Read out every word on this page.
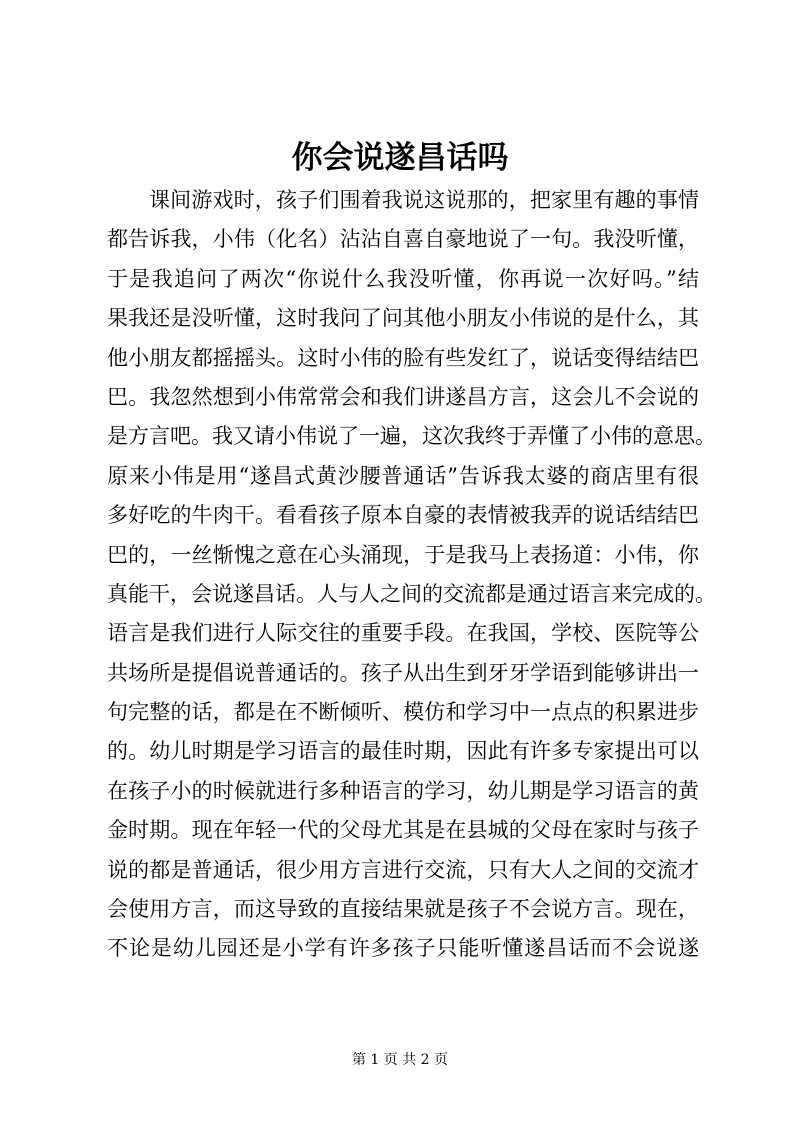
你会说遂昌话吗
课间游戏时，孩子们围着我说这说那的，把家里有趣的事情
都告诉我，小伟（化名）沾沾自喜自豪地说了一句。我没听懂，
于是我追问了两次“你说什么我没听懂，你再说一次好吗。”结
果我还是没听懂，这时我问了问其他小朋友小伟说的是什么，其
他小朋友都摇摇头。这时小伟的脸有些发红了，说话变得结结巴
巴。我忽然想到小伟常常会和我们讲遂昌方言，这会儿不会说的
是方言吧。我又请小伟说了一遍，这次我终于弄懂了小伟的意思。
原来小伟是用“遂昌式黄沙腰普通话”告诉我太婆的商店里有很
多好吃的牛肉干。看看孩子原本自豪的表情被我弄的说话结结巴
巴的，一丝惭愧之意在心头涌现，于是我马上表扬道：小伟，你
真能干，会说遂昌话。人与人之间的交流都是通过语言来完成的。
语言是我们进行人际交往的重要手段。在我国，学校、医院等公
共场所是提倡说普通话的。孩子从出生到牙牙学语到能够讲出一
句完整的话，都是在不断倾听、模仿和学习中一点点的积累进步
的。幼儿时期是学习语言的最佳时期，因此有许多专家提出可以
在孩子小的时候就进行多种语言的学习，幼儿期是学习语言的黄
金时期。现在年轻一代的父母尤其是在县城的父母在家时与孩子
说的都是普通话，很少用方言进行交流，只有大人之间的交流才
会使用方言，而这导致的直接结果就是孩子不会说方言。现在，
不论是幼儿园还是小学有许多孩子只能听懂遂昌话而不会说遂
第 1 页 共 2 页
